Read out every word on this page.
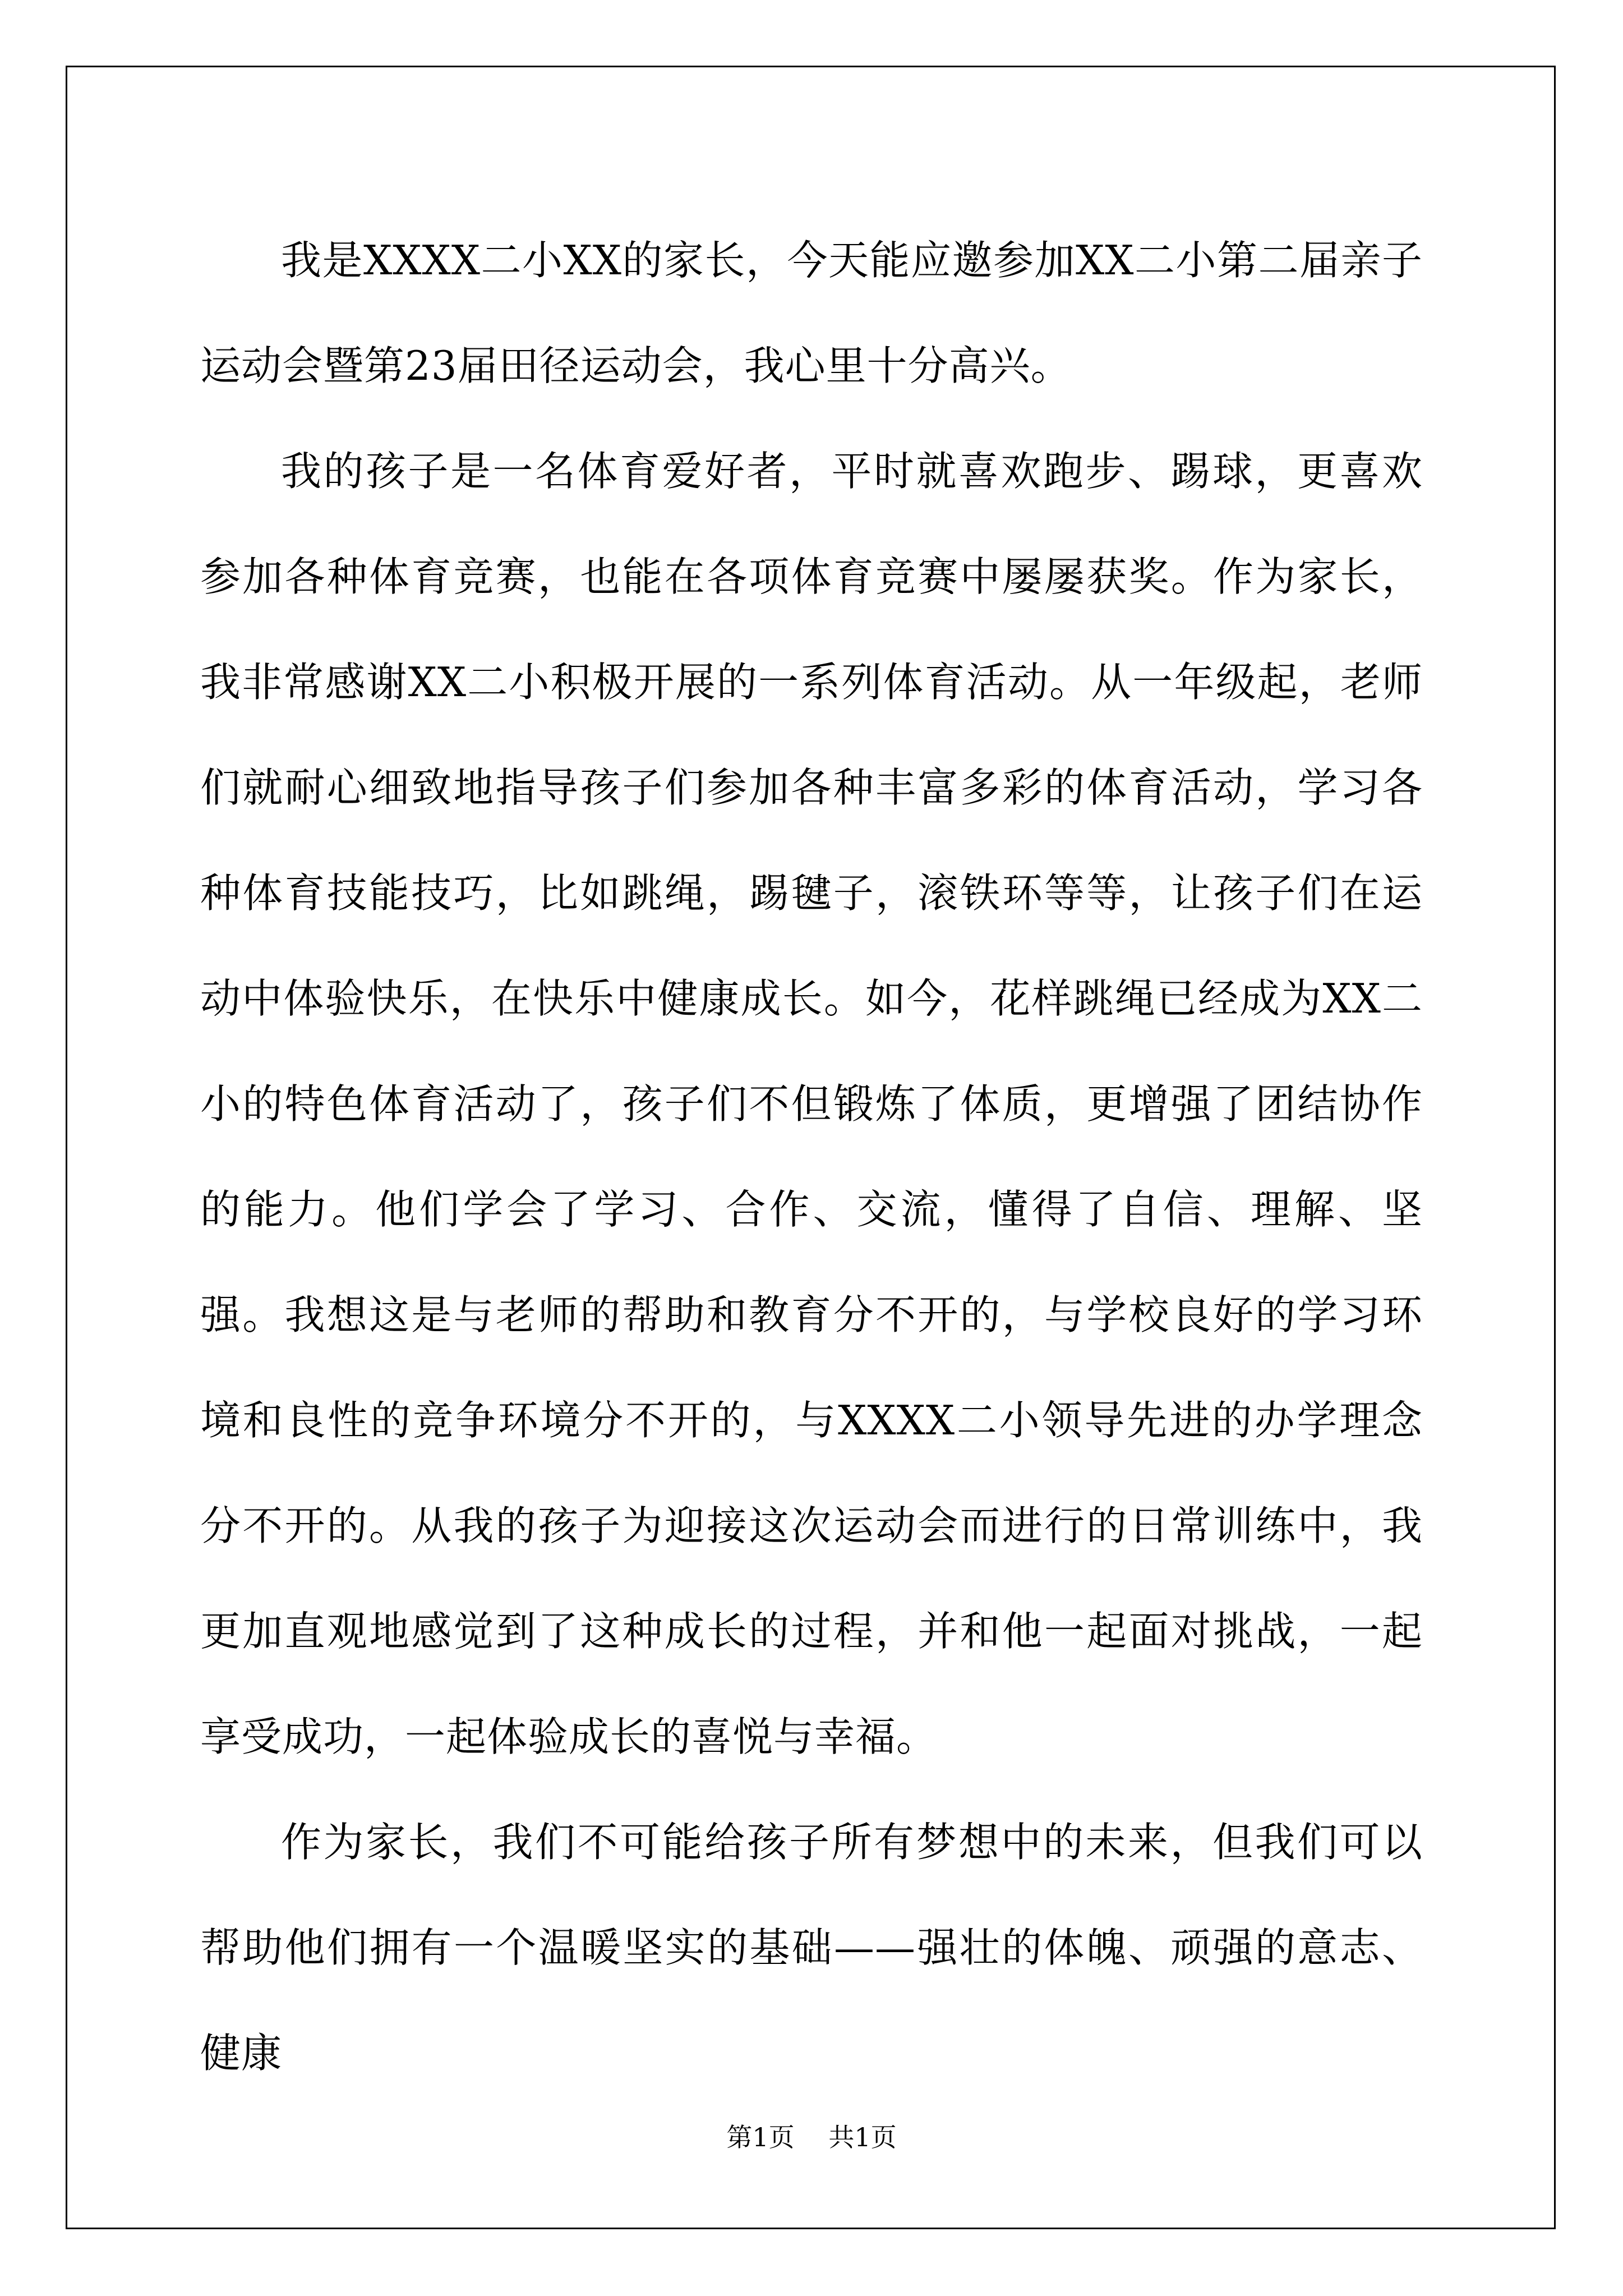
我是XXXX二小XX的家长，今天能应邀参加XX二小第二届亲子运动会暨第23届田径运动会，我心里十分高兴。

我的孩子是一名体育爱好者，平时就喜欢跑步、踢球，更喜欢参加各种体育竞赛，也能在各项体育竞赛中屡屡获奖。作为家长，我非常感谢XX二小积极开展的一系列体育活动。从一年级起，老师们就耐心细致地指导孩子们参加各种丰富多彩的体育活动，学习各种体育技能技巧，比如跳绳，踢毽子，滚铁环等等，让孩子们在运动中体验快乐，在快乐中健康成长。如今，花样跳绳已经成为XX二小的特色体育活动了，孩子们不但锻炼了体质，更增强了团结协作的能力。他们学会了学习、合作、交流，懂得了自信、理解、坚强。我想这是与老师的帮助和教育分不开的，与学校良好的学习环境和良性的竞争环境分不开的，与XXXX二小领导先进的办学理念分不开的。从我的孩子为迎接这次运动会而进行的日常训练中，我更加直观地感觉到了这种成长的过程，并和他一起面对挑战，一起享受成功，一起体验成长的喜悦与幸福。

作为家长，我们不可能给孩子所有梦想中的未来，但我们可以帮助他们拥有一个温暖坚实的基础——强壮的体魄、顽强的意志、健康

第1页 共1页
